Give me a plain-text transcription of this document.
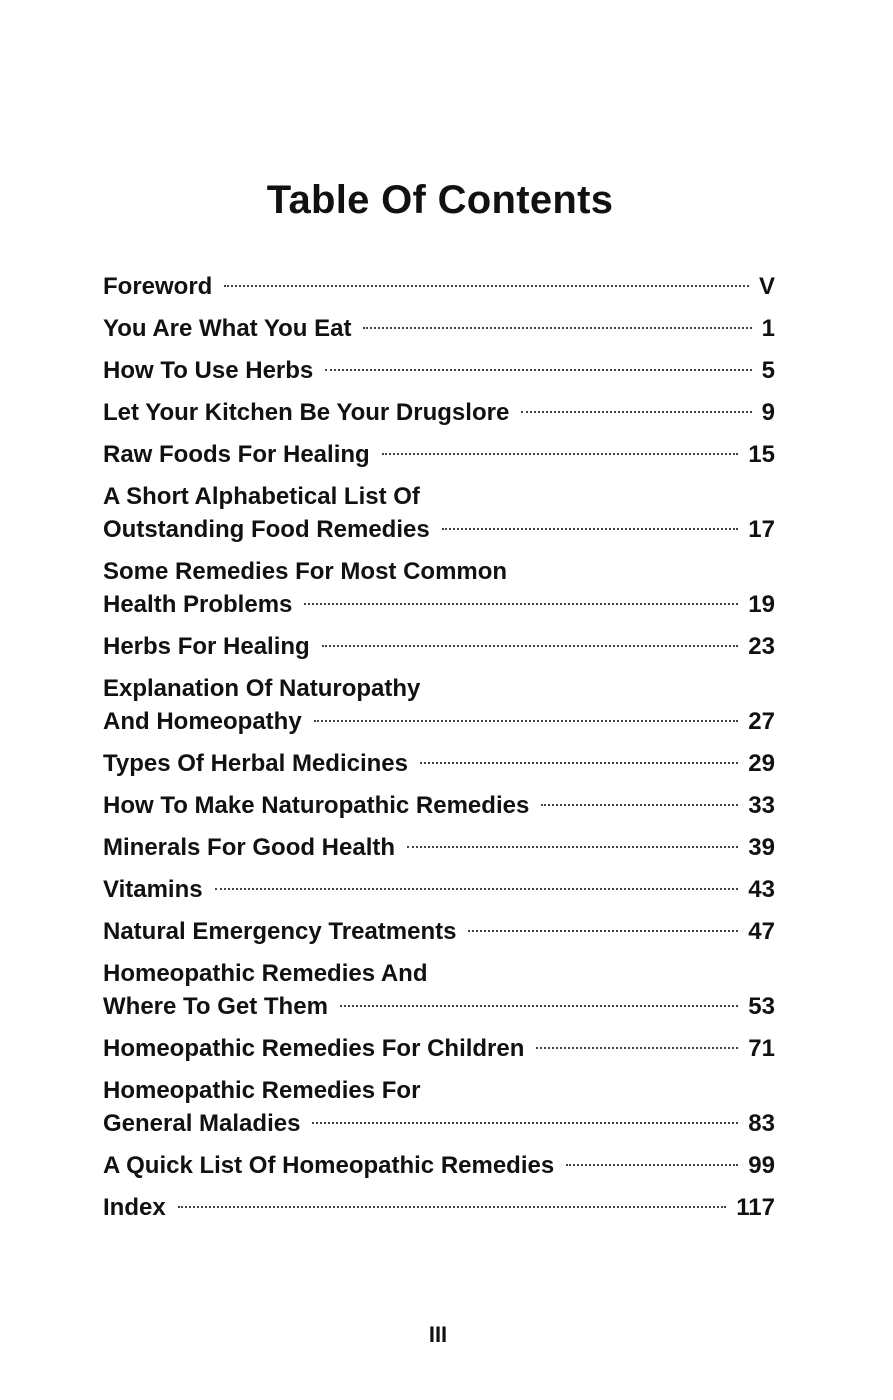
Table Of Contents
Foreword	V
You Are What You Eat	1
How To Use Herbs	5
Let Your Kitchen Be Your Drugslore	9
Raw Foods For Healing	15
A Short Alphabetical List Of
Outstanding Food Remedies	17
Some Remedies For Most Common
Health Problems	19
Herbs For Healing	23
Explanation Of Naturopathy
And Homeopathy	27
Types Of Herbal Medicines	29
How To Make Naturopathic Remedies	33
Minerals For Good Health	39
Vitamins	43
Natural Emergency Treatments	47
Homeopathic Remedies And
Where To Get Them	53
Homeopathic Remedies For Children	71
Homeopathic Remedies For
General Maladies	83
A Quick List Of Homeopathic Remedies	99
Index	117
III
